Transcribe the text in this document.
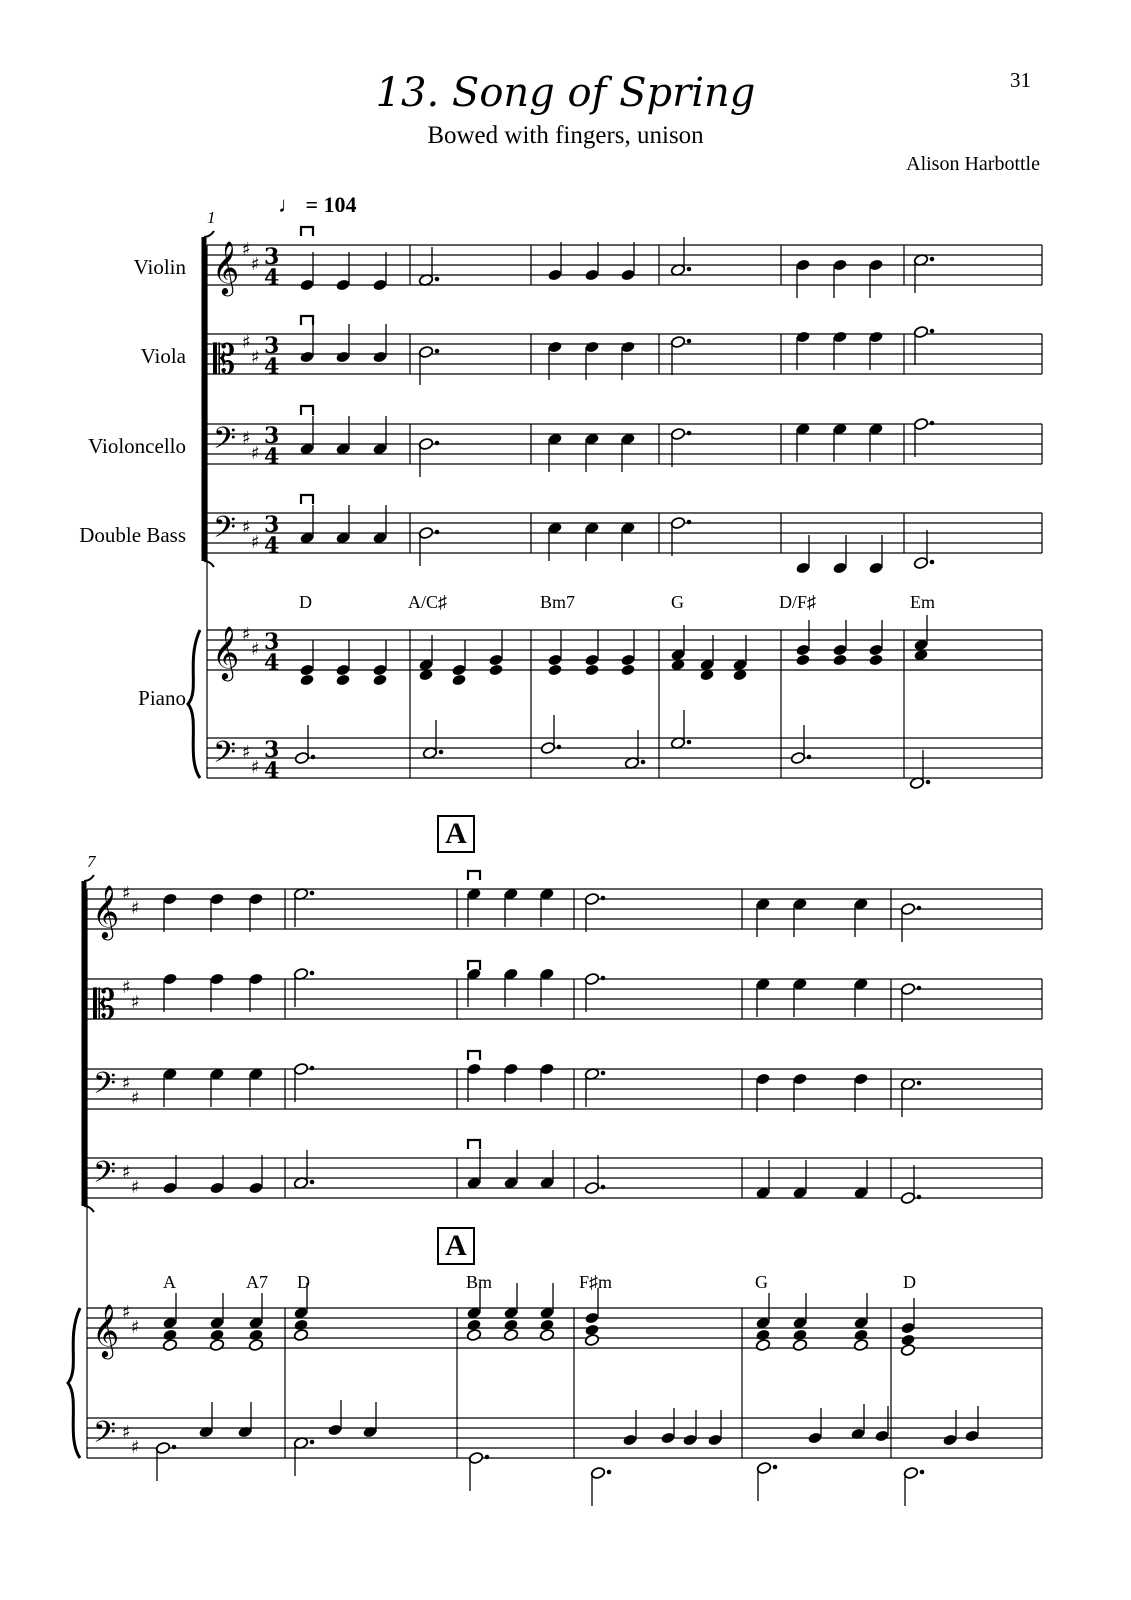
31
13. Song of Spring
Bowed with fingers, unison
Alison Harbottle
♩ = 104
Violin
Viola
Violoncello
Double Bass
Piano
1
7
A
A
D	A/C♯	Bm7	G	D/F♯	Em
A	A7 D	Bm	F♯m	G	D
𝄞
𝄡
𝄢
𝄢
𝄞
𝄢
♯
♯
♯
♯
♯
♯
♯
♯
♯
♯
♯
♯
3
4
3
4
3
4
3
4
3
4
3
4
𝄞
𝄡
𝄢
𝄢
𝄞
𝄢
♯
♯
♯
♯
♯
♯
♯
♯
♯
♯
♯
♯
